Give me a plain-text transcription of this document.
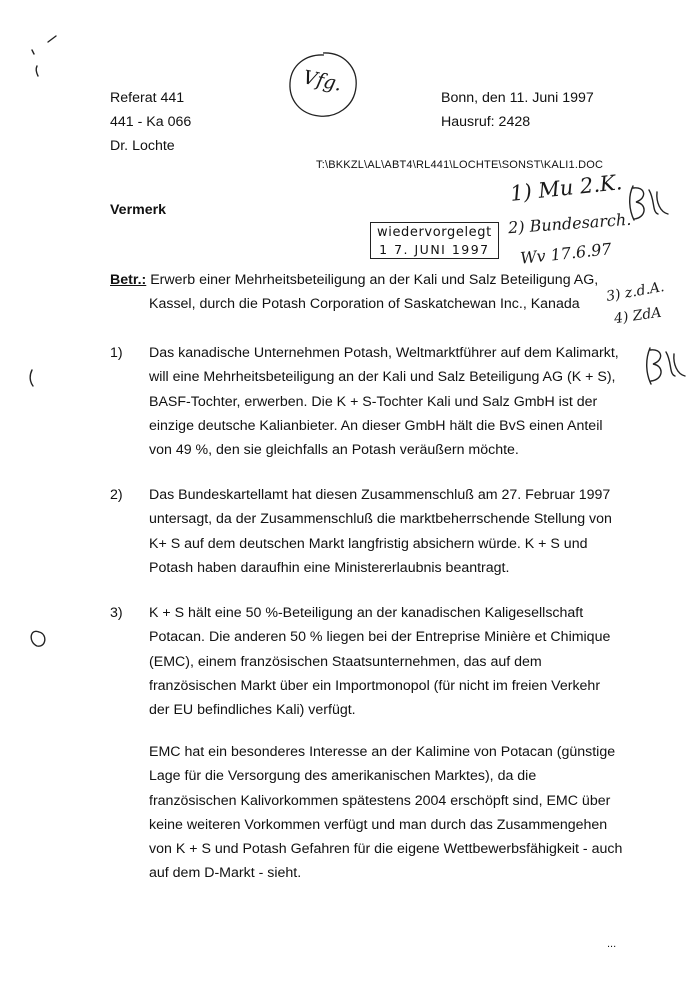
Referat 441
441 - Ka 066
Dr. Lochte
Bonn, den 11. Juni 1997
Hausruf: 2428
Vfg.
T:\BKKZL\AL\ABT4\RL441\LOCHTE\SONST\KALI1.DOC
Vermerk
wiedervorgelegt
1 7. JUNI 1997
1) Mu 2.K.
2) Bundesarch.
Wv 17.6.97
3) z.d.A.
4) ZdA
Betr.: Erwerb einer Mehrheitsbeteiligung an der Kali und Salz Beteiligung AG,
Kassel, durch die Potash Corporation of Saskatchewan Inc., Kanada
1)	Das kanadische Unternehmen Potash, Weltmarktführer auf dem Kalimarkt, will eine Mehrheitsbeteiligung an der Kali und Salz Beteiligung AG (K + S), BASF-Tochter, erwerben. Die K + S-Tochter Kali und Salz GmbH ist der einzige deutsche Kalianbieter. An dieser GmbH hält die BvS einen Anteil von 49 %, den sie gleichfalls an Potash veräußern möchte.
2)	Das Bundeskartellamt hat diesen Zusammenschluß am 27. Februar 1997 untersagt, da der Zusammenschluß die marktbeherrschende Stellung von K+ S auf dem deutschen Markt langfristig absichern würde. K + S und Potash haben daraufhin eine Ministererlaubnis beantragt.
3)	K + S hält eine 50 %-Beteiligung an der kanadischen Kaligesellschaft Potacan. Die anderen 50 % liegen bei der Entreprise Minière et Chimique (EMC), einem französischen Staatsunternehmen, das auf dem französischen Markt über ein Importmonopol (für nicht im freien Verkehr der EU befindliches Kali) verfügt.
EMC hat ein besonderes Interesse an der Kalimine von Potacan (günstige Lage für die Versorgung des amerikanischen Marktes), da die französischen Kalivorkommen spätestens 2004 erschöpft sind, EMC über keine weiteren Vorkommen verfügt und man durch das Zusammengehen von K + S und Potash Gefahren für die eigene Wettbewerbsfähigkeit - auch auf dem D-Markt - sieht.
...
